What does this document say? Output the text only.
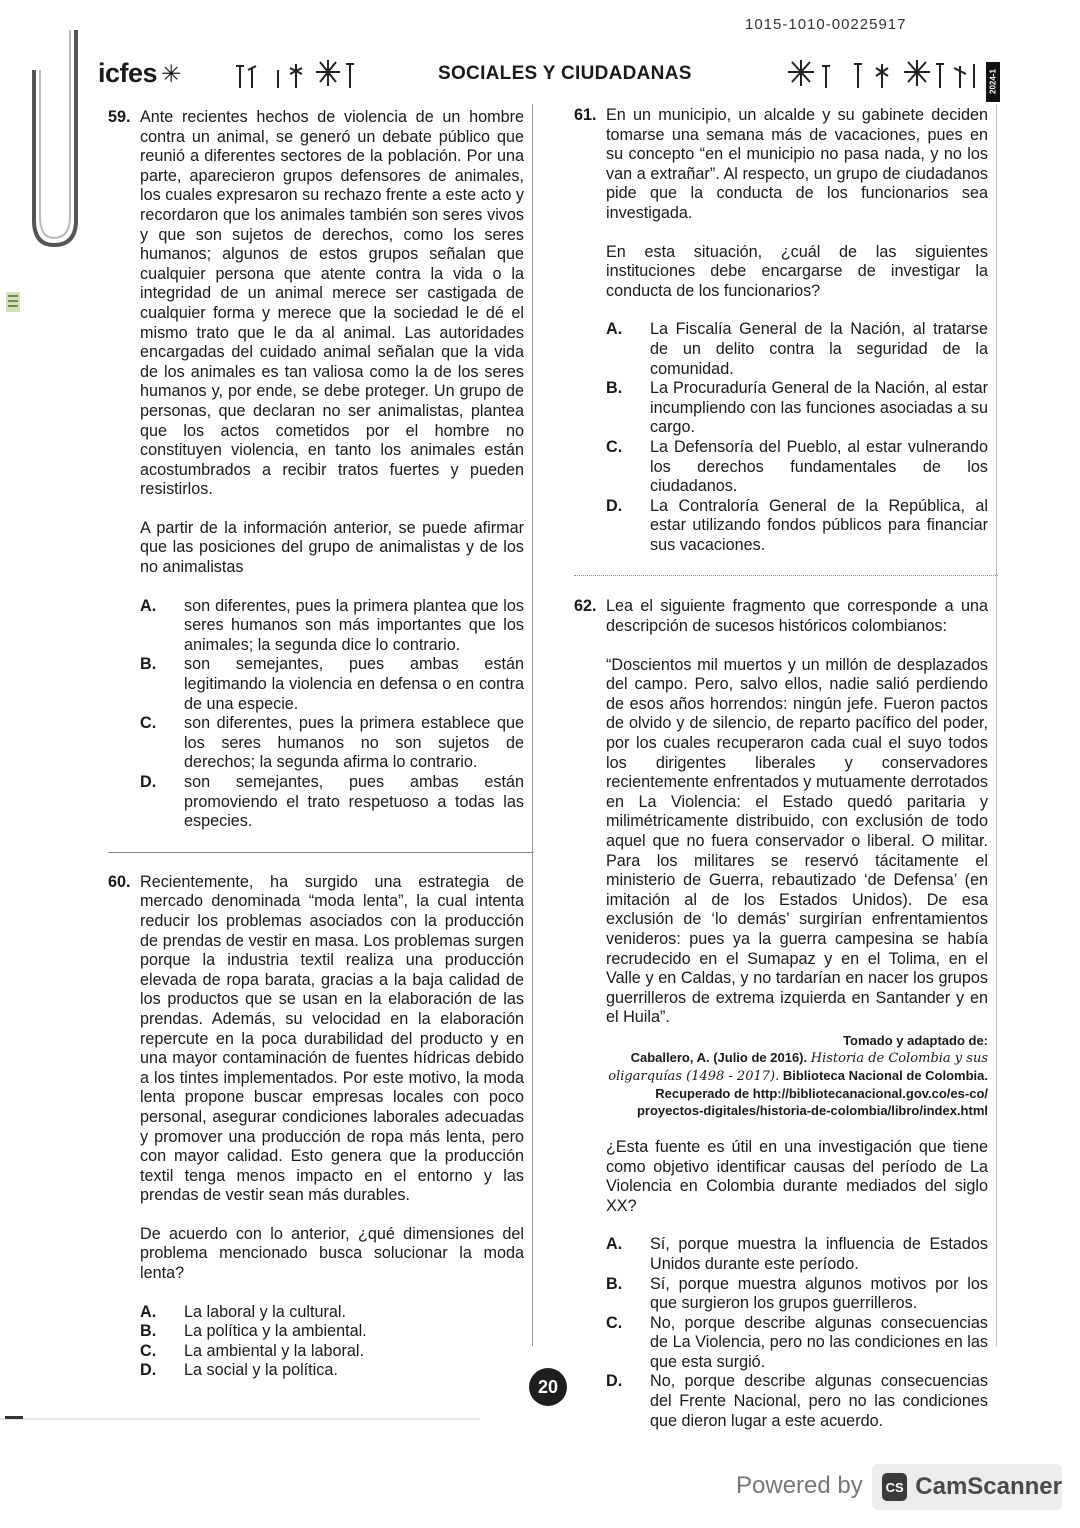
1015-1010-00225917
icfes ✳	SOCIALES Y CIUDADANAS	2024-1
59. Ante recientes hechos de violencia de un hombre contra un animal, se generó un debate público que reunió a diferentes sectores de la población. Por una parte, aparecieron grupos defensores de animales, los cuales expresaron su rechazo frente a este acto y recordaron que los animales también son seres vivos y que son sujetos de derechos, como los seres humanos; algunos de estos grupos señalan que cualquier persona que atente contra la vida o la integridad de un animal merece ser castigada de cualquier forma y merece que la sociedad le dé el mismo trato que le da al animal. Las autoridades encargadas del cuidado animal señalan que la vida de los animales es tan valiosa como la de los seres humanos y, por ende, se debe proteger. Un grupo de personas, que declaran no ser animalistas, plantea que los actos cometidos por el hombre no constituyen violencia, en tanto los animales están acostumbrados a recibir tratos fuertes y pueden resistirlos.

A partir de la información anterior, se puede afirmar que las posiciones del grupo de animalistas y de los no animalistas

A. son diferentes, pues la primera plantea que los seres humanos son más importantes que los animales; la segunda dice lo contrario.
B. son semejantes, pues ambas están legitimando la violencia en defensa o en contra de una especie.
C. son diferentes, pues la primera establece que los seres humanos no son sujetos de derechos; la segunda afirma lo contrario.
D. son semejantes, pues ambas están promoviendo el trato respetuoso a todas las especies.
60. Recientemente, ha surgido una estrategia de mercado denominada “moda lenta”, la cual intenta reducir los problemas asociados con la producción de prendas de vestir en masa. Los problemas surgen porque la industria textil realiza una producción elevada de ropa barata, gracias a la baja calidad de los productos que se usan en la elaboración de las prendas. Además, su velocidad en la elaboración repercute en la poca durabilidad del producto y en una mayor contaminación de fuentes hídricas debido a los tintes implementados. Por este motivo, la moda lenta propone buscar empresas locales con poco personal, asegurar condiciones laborales adecuadas y promover una producción de ropa más lenta, pero con mayor calidad. Esto genera que la producción textil tenga menos impacto en el entorno y las prendas de vestir sean más durables.

De acuerdo con lo anterior, ¿qué dimensiones del problema mencionado busca solucionar la moda lenta?

A. La laboral y la cultural.
B. La política y la ambiental.
C. La ambiental y la laboral.
D. La social y la política.
61. En un municipio, un alcalde y su gabinete deciden tomarse una semana más de vacaciones, pues en su concepto “en el municipio no pasa nada, y no los van a extrañar”. Al respecto, un grupo de ciudadanos pide que la conducta de los funcionarios sea investigada.

En esta situación, ¿cuál de las siguientes instituciones debe encargarse de investigar la conducta de los funcionarios?

A. La Fiscalía General de la Nación, al tratarse de un delito contra la seguridad de la comunidad.
B. La Procuraduría General de la Nación, al estar incumpliendo con las funciones asociadas a su cargo.
C. La Defensoría del Pueblo, al estar vulnerando los derechos fundamentales de los ciudadanos.
D. La Contraloría General de la República, al estar utilizando fondos públicos para financiar sus vacaciones.
62. Lea el siguiente fragmento que corresponde a una descripción de sucesos históricos colombianos:

“Doscientos mil muertos y un millón de desplazados del campo. Pero, salvo ellos, nadie salió perdiendo de esos años horrendos: ningún jefe. Fueron pactos de olvido y de silencio, de reparto pacífico del poder, por los cuales recuperaron cada cual el suyo todos los dirigentes liberales y conservadores recientemente enfrentados y mutuamente derrotados en La Violencia: el Estado quedó paritaria y milimétricamente distribuido, con exclusión de todo aquel que no fuera conservador o liberal. O militar. Para los militares se reservó tácitamente el ministerio de Guerra, rebautizado ‘de Defensa’ (en imitación al de los Estados Unidos). De esa exclusión de ‘lo demás’ surgirían enfrentamientos venideros: pues ya la guerra campesina se había recrudecido en el Sumapaz y en el Tolima, en el Valle y en Caldas, y no tardarían en nacer los grupos guerrilleros de extrema izquierda en Santander y en el Huila”.
Tomado y adaptado de:
Caballero, A. (Julio de 2016). Historia de Colombia y sus oligarquías (1498 - 2017). Biblioteca Nacional de Colombia.
Recuperado de http://bibliotecanacional.gov.co/es-co/
proyectos-digitales/historia-de-colombia/libro/index.html

¿Esta fuente es útil en una investigación que tiene como objetivo identificar causas del período de La Violencia en Colombia durante mediados del siglo XX?

A. Sí, porque muestra la influencia de Estados Unidos durante este período.
B. Sí, porque muestra algunos motivos por los que surgieron los grupos guerrilleros.
C. No, porque describe algunas consecuencias de La Violencia, pero no las condiciones en las que esta surgió.
D. No, porque describe algunas consecuencias del Frente Nacional, pero no las condiciones que dieron lugar a este acuerdo.
20
Powered by CS CamScanner
